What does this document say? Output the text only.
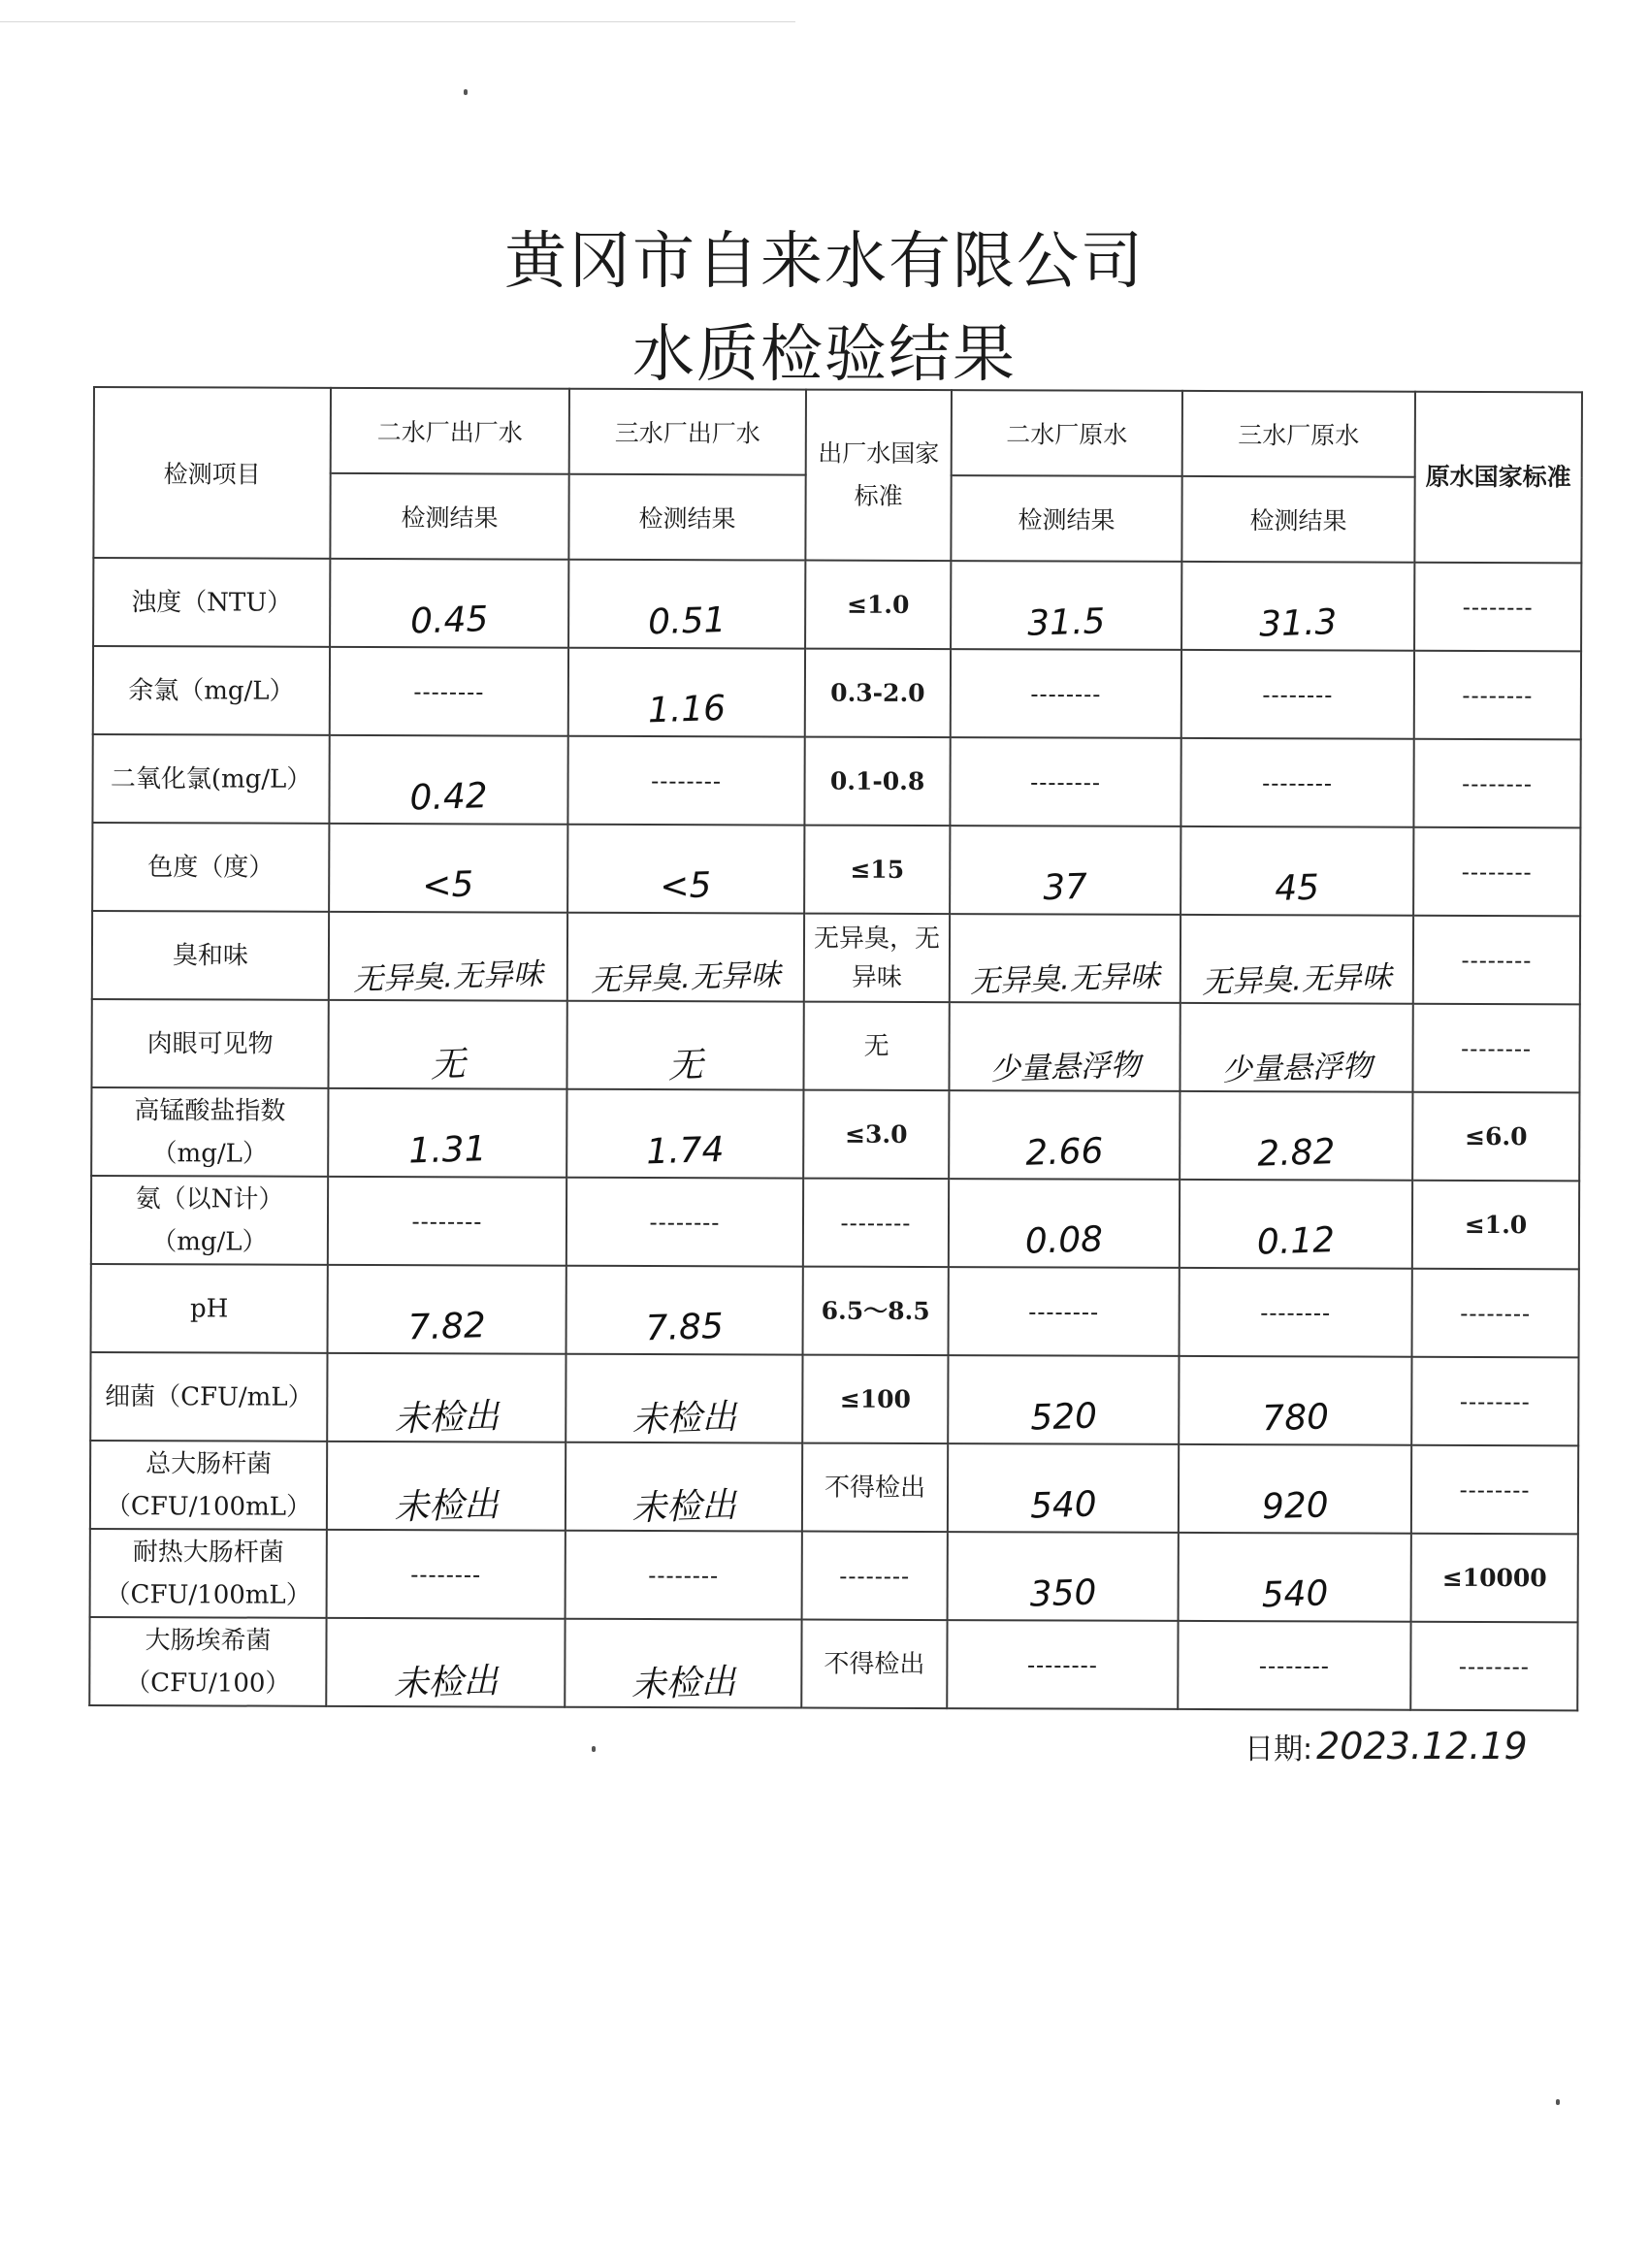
黄冈市自来水有限公司
水质检验结果
检测项目	二水厂出厂水	三水厂出厂水	出厂水国家标准	二水厂原水	三水厂原水	原水国家标准
	检测结果	检测结果		检测结果	检测结果	
浊度（NTU）	0.45	0.51	≤1.0	31.5	31.3	--------
余氯（mg/L）	--------	1.16	0.3-2.0	--------	--------	--------
二氧化氯(mg/L）	0.42	--------	0.1-0.8	--------	--------	--------
色度（度）	<5	<5	≤15	37	45	--------
臭和味	无异臭.无异味	无异臭.无异味	无异臭，无异味	无异臭.无异味	无异臭.无异味	--------
肉眼可见物	无	无	无	少量悬浮物	少量悬浮物	--------
高锰酸盐指数（mg/L）	1.31	1.74	≤3.0	2.66	2.82	≤6.0
氨（以N计）（mg/L）	--------	--------	--------	0.08	0.12	≤1.0
pH	7.82	7.85	6.5～8.5	--------	--------	--------
细菌（CFU/mL）	未检出	未检出	≤100	520	780	--------
总大肠杆菌（CFU/100mL）	未检出	未检出	不得检出	540	920	--------
耐热大肠杆菌（CFU/100mL）	--------	--------	--------	350	540	≤10000
大肠埃希菌（CFU/100）	未检出	未检出	不得检出	--------	--------	--------
日期: 2023.12.19
